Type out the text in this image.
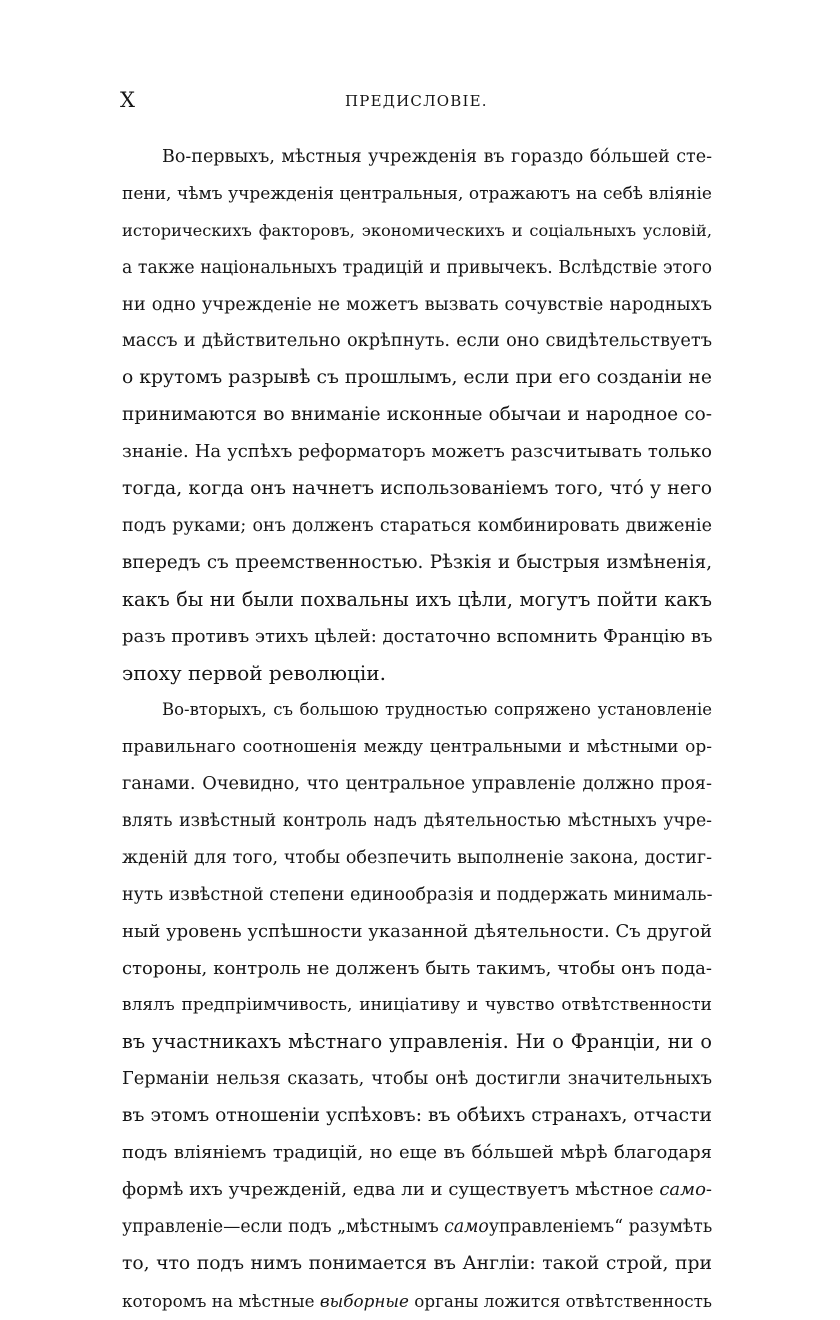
X	ПРЕДИСЛОВІЕ.
Во-первыхъ, мѣстныя учрежденія въ гораздо бóльшей сте-
пени, чѣмъ учрежденія центральныя, отражаютъ на себѣ вліяніе
историческихъ факторовъ, экономическихъ и соціальныхъ условій,
а также національныхъ традицій и привычекъ. Вслѣдствіе этого
ни одно учрежденіе не можетъ вызвать сочувствіе народныхъ
массъ и дѣйствительно окрѣпнуть. если оно свидѣтельствуетъ
о крутомъ разрывѣ съ прошлымъ, если при его созданіи не
принимаются во вниманіе исконные обычаи и народное со-
знаніе. На успѣхъ реформаторъ можетъ разсчитывать только
тогда, когда онъ начнетъ использованіемъ того, чтó у него
подъ руками; онъ долженъ стараться комбинировать движеніе
впередъ съ преемственностью. Рѣзкія и быстрыя измѣненія,
какъ бы ни были похвальны ихъ цѣли, могутъ пойти какъ
разъ противъ этихъ цѣлей: достаточно вспомнить Францію въ
эпоху первой революціи.
Во-вторыхъ, съ большою трудностью сопряжено установленіе
правильнаго соотношенія между центральными и мѣстными ор-
ганами. Очевидно, что центральное управленіе должно проя-
влять извѣстный контроль надъ дѣятельностью мѣстныхъ учре-
жденій для того, чтобы обезпечить выполненіе закона, достиг-
нуть извѣстной степени единообразія и поддержать минималь-
ный уровень успѣшности указанной дѣятельности. Съ другой
стороны, контроль не долженъ быть такимъ, чтобы онъ пода-
влялъ предпріимчивость, иниціативу и чувство отвѣтственности
въ участникахъ мѣстнаго управленія. Ни о Франціи, ни о
Германіи нельзя сказать, чтобы онѣ достигли значительныхъ
въ этомъ отношеніи успѣховъ: въ обѣихъ странахъ, отчасти
подъ вліяніемъ традицій, но еще въ бóльшей мѣрѣ благодаря
формѣ ихъ учрежденій, едва ли и существуетъ мѣстное само-
управленіе—если подъ „мѣстнымъ самоуправленіемъ“ разумѣть
то, что подъ нимъ понимается въ Англіи: такой строй, при
которомъ на мѣстные выборные органы ложится отвѣтственность
